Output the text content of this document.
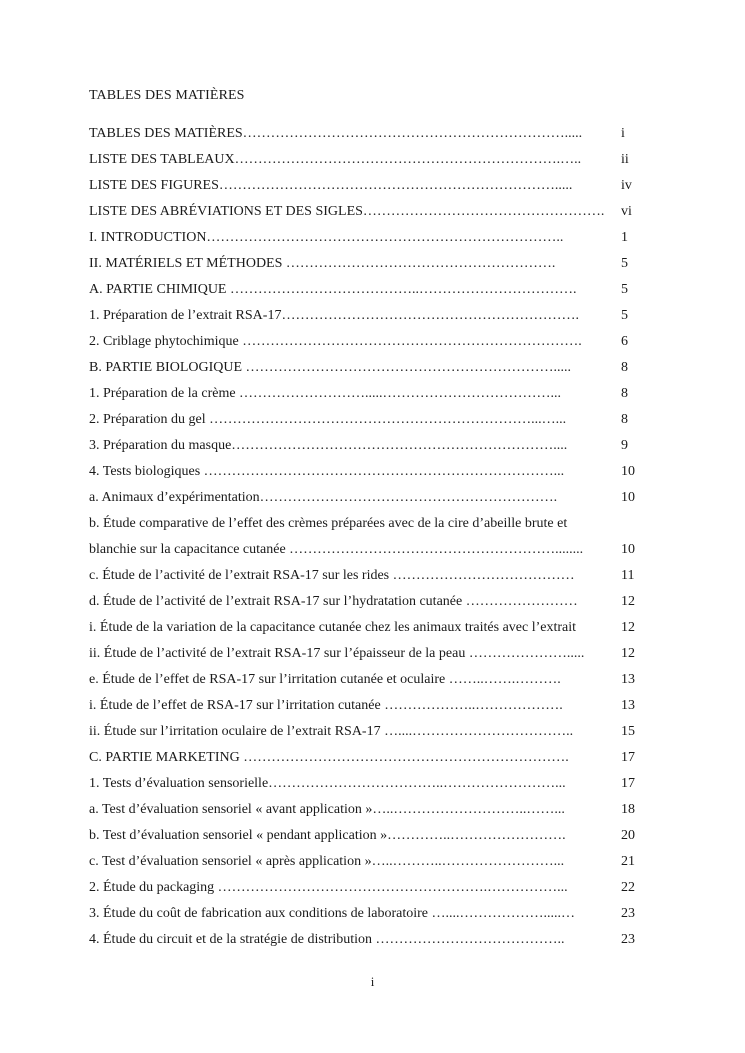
TABLES DES MATIÈRES
TABLES DES MATIÈRES…………………………………………………………….....	i
LISTE DES TABLEAUX…………………………………………………………….…..	ii
LISTE DES FIGURES……………………………………………………………….....	iv
LISTE DES ABRÉVIATIONS ET DES SIGLES…………………………………………….	vi
I. INTRODUCTION…………………………………………………………………..	1
II. MATÉRIELS ET MÉTHODES ………………………………………………….	5
A. PARTIE CHIMIQUE …………………………………..…………………………….	5
1. Préparation de l’extrait RSA-17……………………………………………………….	5
2. Criblage phytochimique ……………………………………………………………….	6
B. PARTIE BIOLOGIQUE ………………………………………………………….....	8
1. Préparation de la crème ……………………….....………………………………...	8
2. Préparation du gel ……………………………………………………………...…...	8
3. Préparation du masque……………………………………………………………....	9
4. Tests biologiques …………………………………………………………………...	10
a. Animaux d’expérimentation……………………………………………………….	10
b. Étude comparative de l’effet des crèmes préparées avec de la cire d’abeille brute et
blanchie sur la capacitance cutanée …………………………………………………........	10
c. Étude de l’activité de l’extrait RSA-17 sur les rides …………………………………	11
d. Étude de l’activité de l’extrait RSA-17 sur l’hydratation cutanée ……………………	12
i. Étude de la variation de la capacitance cutanée chez les animaux traités avec l’extrait	12
ii. Étude de l’activité de l’extrait RSA-17 sur l’épaisseur de la peau ………………….....	12
e. Étude de l’effet de RSA-17 sur l’irritation cutanée et oculaire ……..…….……….	13
i. Étude de l’effet de RSA-17 sur l’irritation cutanée ………………..……………….	13
ii. Étude sur l’irritation oculaire de l’extrait RSA-17 …....……………………………..	15
C. PARTIE MARKETING …………………………………………………………….	17
1. Tests d’évaluation sensorielle………………………………..……………………...	17
a. Test d’évaluation sensoriel « avant application »…..………………………..……...	18
b. Test d’évaluation sensoriel « pendant application »…………..…………………….	20
c. Test d’évaluation sensoriel « après application »…..………..……………………...	21
2. Étude du packaging ………………………………………………….……………...	22
3. Étude du coût de fabrication aux conditions de laboratoire …....……………….....…	23
4. Étude du circuit et de la stratégie de distribution …………………………………..	23
i
